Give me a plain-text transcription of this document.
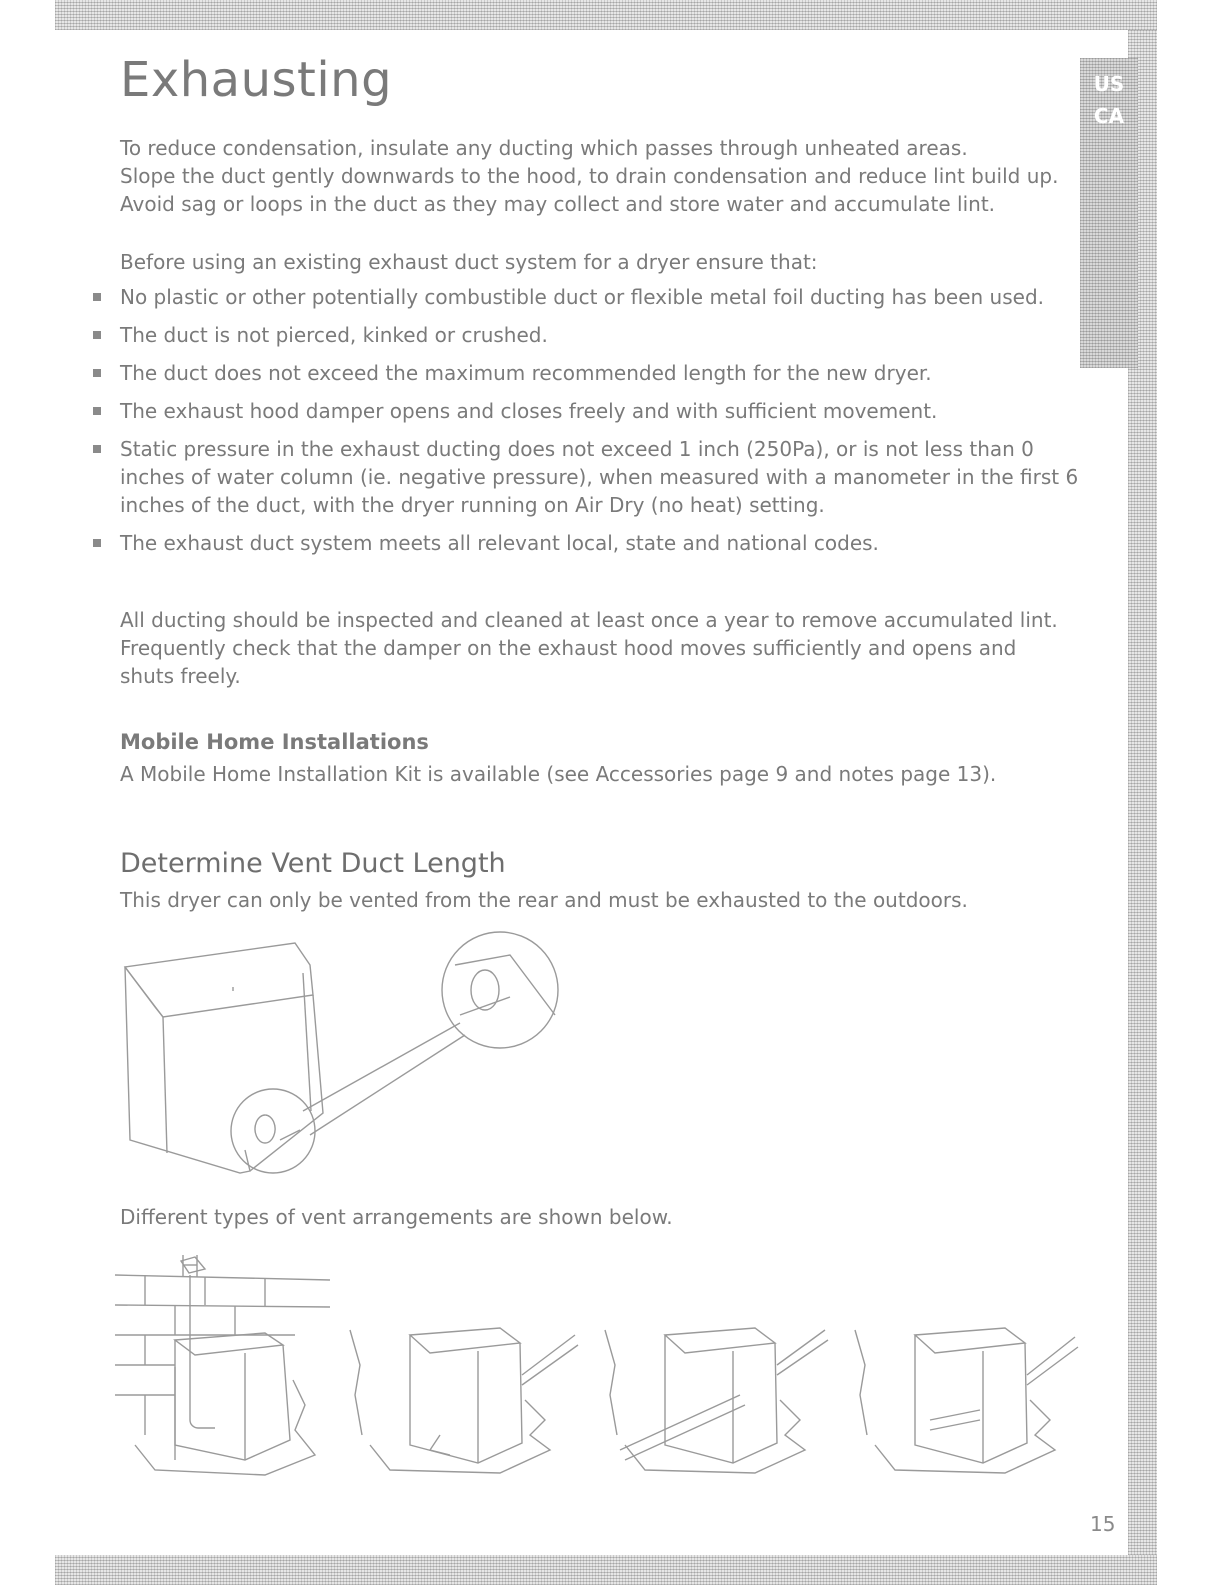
US
CA
Exhausting

To reduce condensation, insulate any ducting which passes through unheated areas.

Slope the duct gently downwards to the hood, to drain condensation and reduce lint build up.

Avoid sag or loops in the duct as they may collect and store water and accumulate lint.

Before using an existing exhaust duct system for a dryer ensure that:

No plastic or other potentially combustible duct or flexible metal foil ducting has been used.
The duct is not pierced, kinked or crushed.
The duct does not exceed the maximum recommended length for the new dryer.
The exhaust hood damper opens and closes freely and with sufficient movement.
Static pressure in the exhaust ducting does not exceed 1 inch (250Pa), or is not less than 0 inches of water column (ie. negative pressure), when measured with a manometer in the first 6 inches of the duct, with the dryer running on Air Dry (no heat) setting.
The exhaust duct system meets all relevant local, state and national codes.

All ducting should be inspected and cleaned at least once a year to remove accumulated lint.

Frequently check that the damper on the exhaust hood moves sufficiently and opens and

shuts freely.

Mobile Home Installations

A Mobile Home Installation Kit is available (see Accessories page 9 and notes page 13).

Determine Vent Duct Length

This dryer can only be vented from the rear and must be exhausted to the outdoors.

Different types of vent arrangements are shown below.

15
